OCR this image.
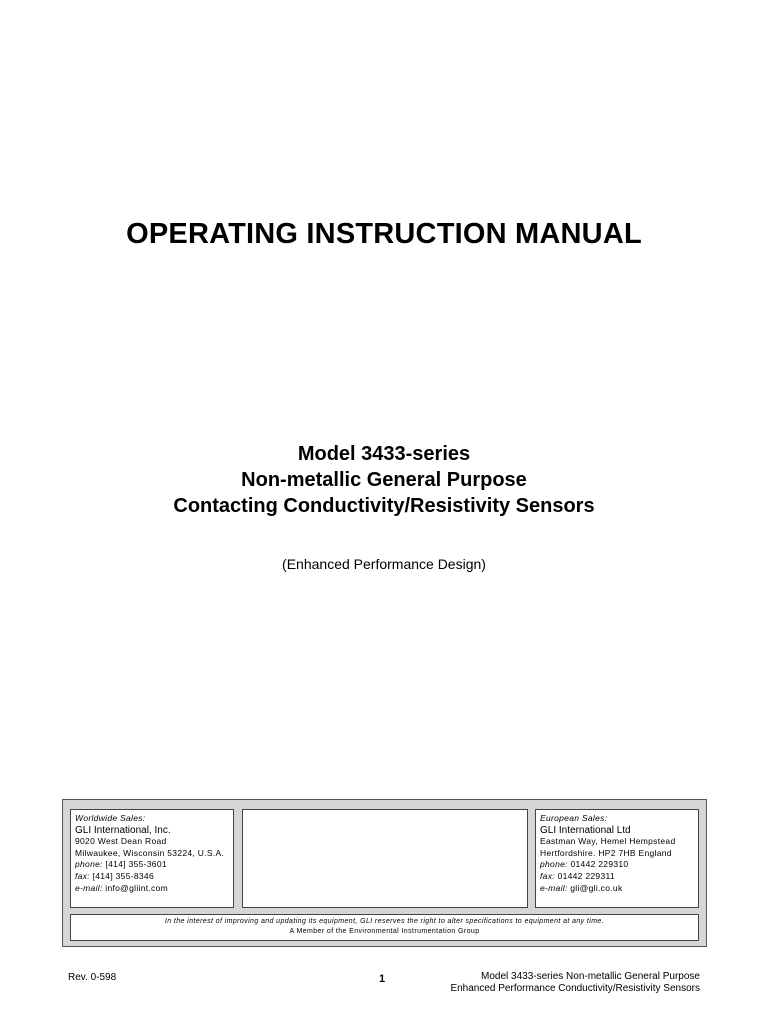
OPERATING INSTRUCTION MANUAL
Model 3433-series
Non-metallic General Purpose
Contacting Conductivity/Resistivity Sensors
(Enhanced Performance Design)
Worldwide Sales:
GLI International, Inc.
9020 West Dean Road
Milwaukee, Wisconsin 53224, U.S.A.
phone: [414] 355-3601
fax: [414] 355-8346
e-mail: info@gliint.com
European Sales:
GLI International Ltd
Eastman Way, Hemel Hempstead
Hertfordshire. HP2 7HB England
phone: 01442 229310
fax: 01442 229311
e-mail: gli@gli.co.uk
In the interest of improving and updating its equipment, GLI reserves the right to alter specifications to equipment at any time.
A Member of the Environmental Instrumentation Group
Rev. 0-598	1	Model 3433-series Non-metallic General Purpose
Enhanced Performance Conductivity/Resistivity Sensors
